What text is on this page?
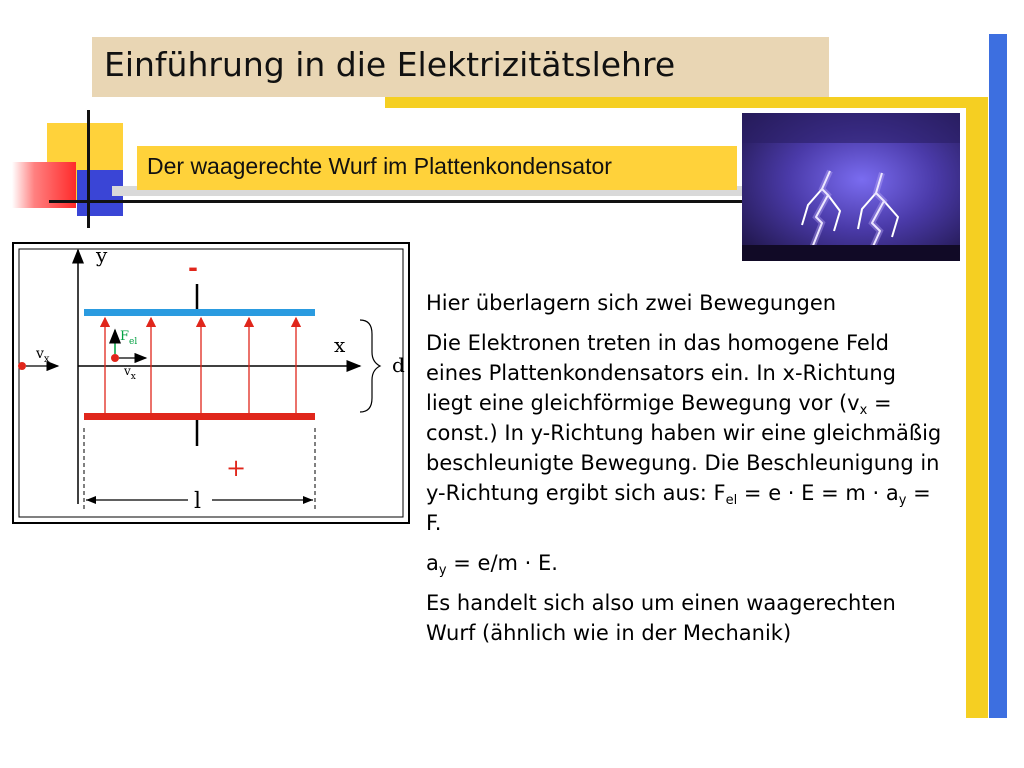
Einführung in die Elektrizitätslehre
Der waagerechte Wurf im Plattenkondensator
$v_x$
$F_{el}$
$v_x$
y
x
-
+
d
l

Hier überlagern sich zwei Bewegungen

Die Elektronen treten in das homogene Feld eines Plattenkondensators ein. In x-Richtung liegt eine gleichförmige Bewegung vor ($v_x$ = const.) In y-Richtung haben wir eine gleichmäßig beschleunigte Bewegung. Die Beschleunigung in y-Richtung ergibt sich aus: $F_{el} = e \cdot E = m \cdot a_y = F$.

$a_y = e/m \cdot E$.

Es handelt sich also um einen waagerechten Wurf (ähnlich wie in der Mechanik)
